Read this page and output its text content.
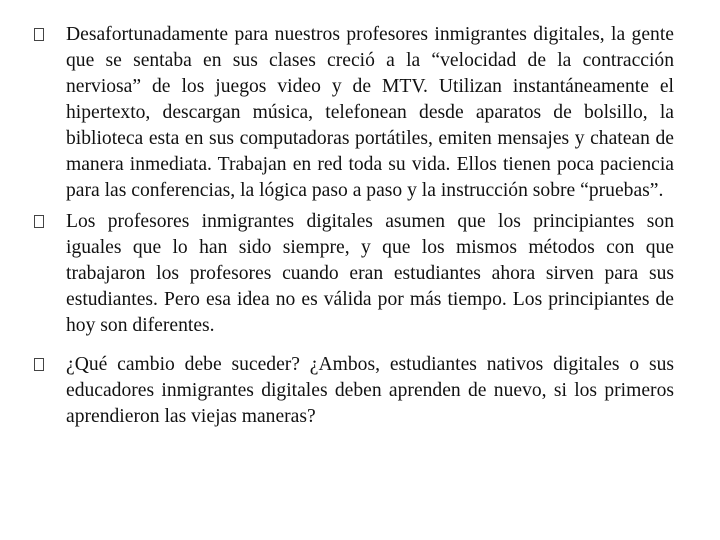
Desafortunadamente para nuestros profesores inmigrantes digitales, la gente que se sentaba en sus clases creció a la “velocidad de la contracción nerviosa” de los juegos video y de MTV. Utilizan instantáneamente el hipertexto, descargan música, telefonean desde aparatos de bolsillo, la biblioteca esta en sus computadoras portátiles, emiten mensajes y chatean de manera inmediata. Trabajan en red toda su vida. Ellos tienen poca paciencia para las conferencias, la lógica paso a paso y la instrucción sobre “pruebas”.
Los profesores inmigrantes digitales asumen que los principiantes son iguales que lo han sido siempre, y que los mismos métodos con que trabajaron los profesores cuando eran estudiantes ahora sirven para sus estudiantes. Pero esa idea no es válida por más tiempo. Los principiantes de hoy son diferentes.
¿Qué cambio debe suceder? ¿Ambos, estudiantes nativos digitales o sus educadores inmigrantes digitales deben aprenden de nuevo, si los primeros aprendieron las viejas maneras?
